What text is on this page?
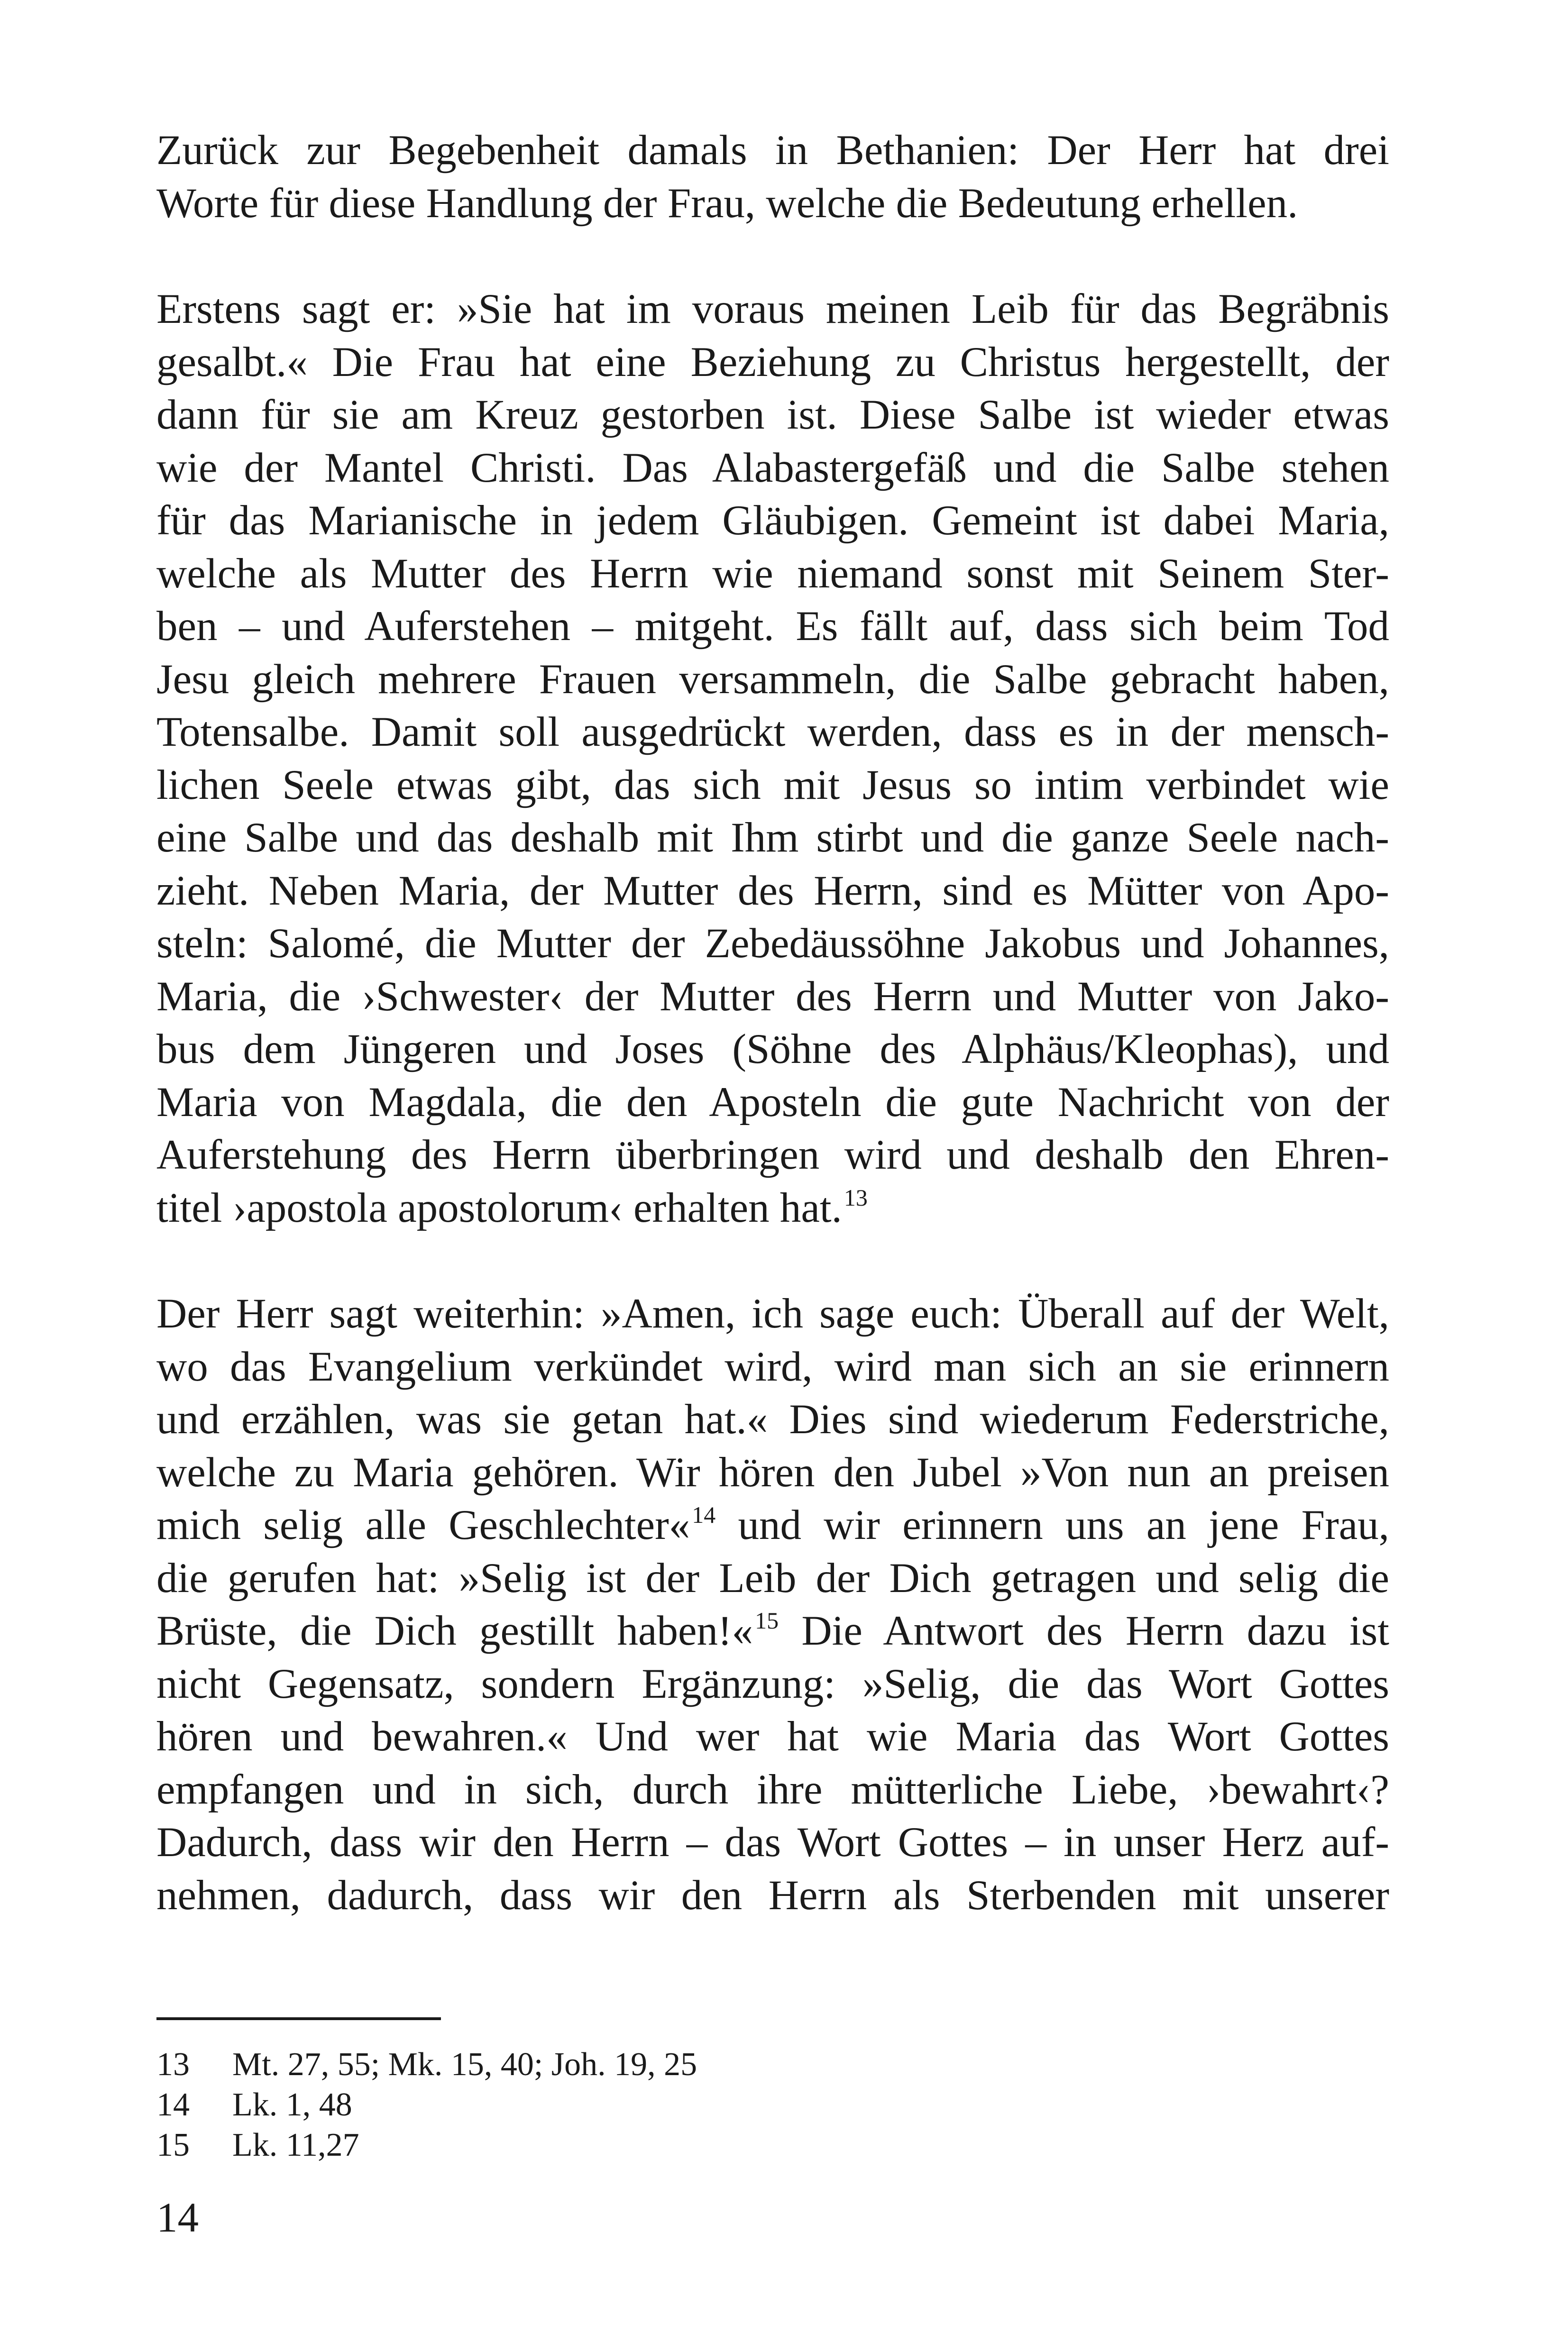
Zurück zur Begebenheit damals in Bethanien: Der Herr hat drei
Worte für diese Handlung der Frau, welche die Bedeutung erhellen.
Erstens sagt er: »Sie hat im voraus meinen Leib für das Begräbnis
gesalbt.« Die Frau hat eine Beziehung zu Christus hergestellt, der
dann für sie am Kreuz gestorben ist. Diese Salbe ist wieder etwas
wie der Mantel Christi. Das Alabastergefäß und die Salbe stehen
für das Marianische in jedem Gläubigen. Gemeint ist dabei Maria,
welche als Mutter des Herrn wie niemand sonst mit Seinem Ster-
ben – und Auferstehen – mitgeht. Es fällt auf, dass sich beim Tod
Jesu gleich mehrere Frauen versammeln, die Salbe gebracht haben,
Totensalbe. Damit soll ausgedrückt werden, dass es in der mensch-
lichen Seele etwas gibt, das sich mit Jesus so intim verbindet wie
eine Salbe und das deshalb mit Ihm stirbt und die ganze Seele nach-
zieht. Neben Maria, der Mutter des Herrn, sind es Mütter von Apo-
steln: Salomé, die Mutter der Zebedäussöhne Jakobus und Johannes,
Maria, die ›Schwester‹ der Mutter des Herrn und Mutter von Jako-
bus dem Jüngeren und Joses (Söhne des Alphäus/Kleophas), und
Maria von Magdala, die den Aposteln die gute Nachricht von der
Auferstehung des Herrn überbringen wird und deshalb den Ehren-
titel ›apostola apostolorum‹ erhalten hat.$^{13}$
Der Herr sagt weiterhin: »Amen, ich sage euch: Überall auf der Welt,
wo das Evangelium verkündet wird, wird man sich an sie erinnern
und erzählen, was sie getan hat.« Dies sind wiederum Federstriche,
welche zu Maria gehören. Wir hören den Jubel »Von nun an preisen
mich selig alle Geschlechter«$^{14}$ und wir erinnern uns an jene Frau,
die gerufen hat: »Selig ist der Leib der Dich getragen und selig die
Brüste, die Dich gestillt haben!«$^{15}$ Die Antwort des Herrn dazu ist
nicht Gegensatz, sondern Ergänzung: »Selig, die das Wort Gottes
hören und bewahren.« Und wer hat wie Maria das Wort Gottes
empfangen und in sich, durch ihre mütterliche Liebe, ›bewahrt‹?
Dadurch, dass wir den Herrn – das Wort Gottes – in unser Herz auf-
nehmen, dadurch, dass wir den Herrn als Sterbenden mit unserer
13 Mt. 27, 55; Mk. 15, 40; Joh. 19, 25
14 Lk. 1, 48
15 Lk. 11,27
14
